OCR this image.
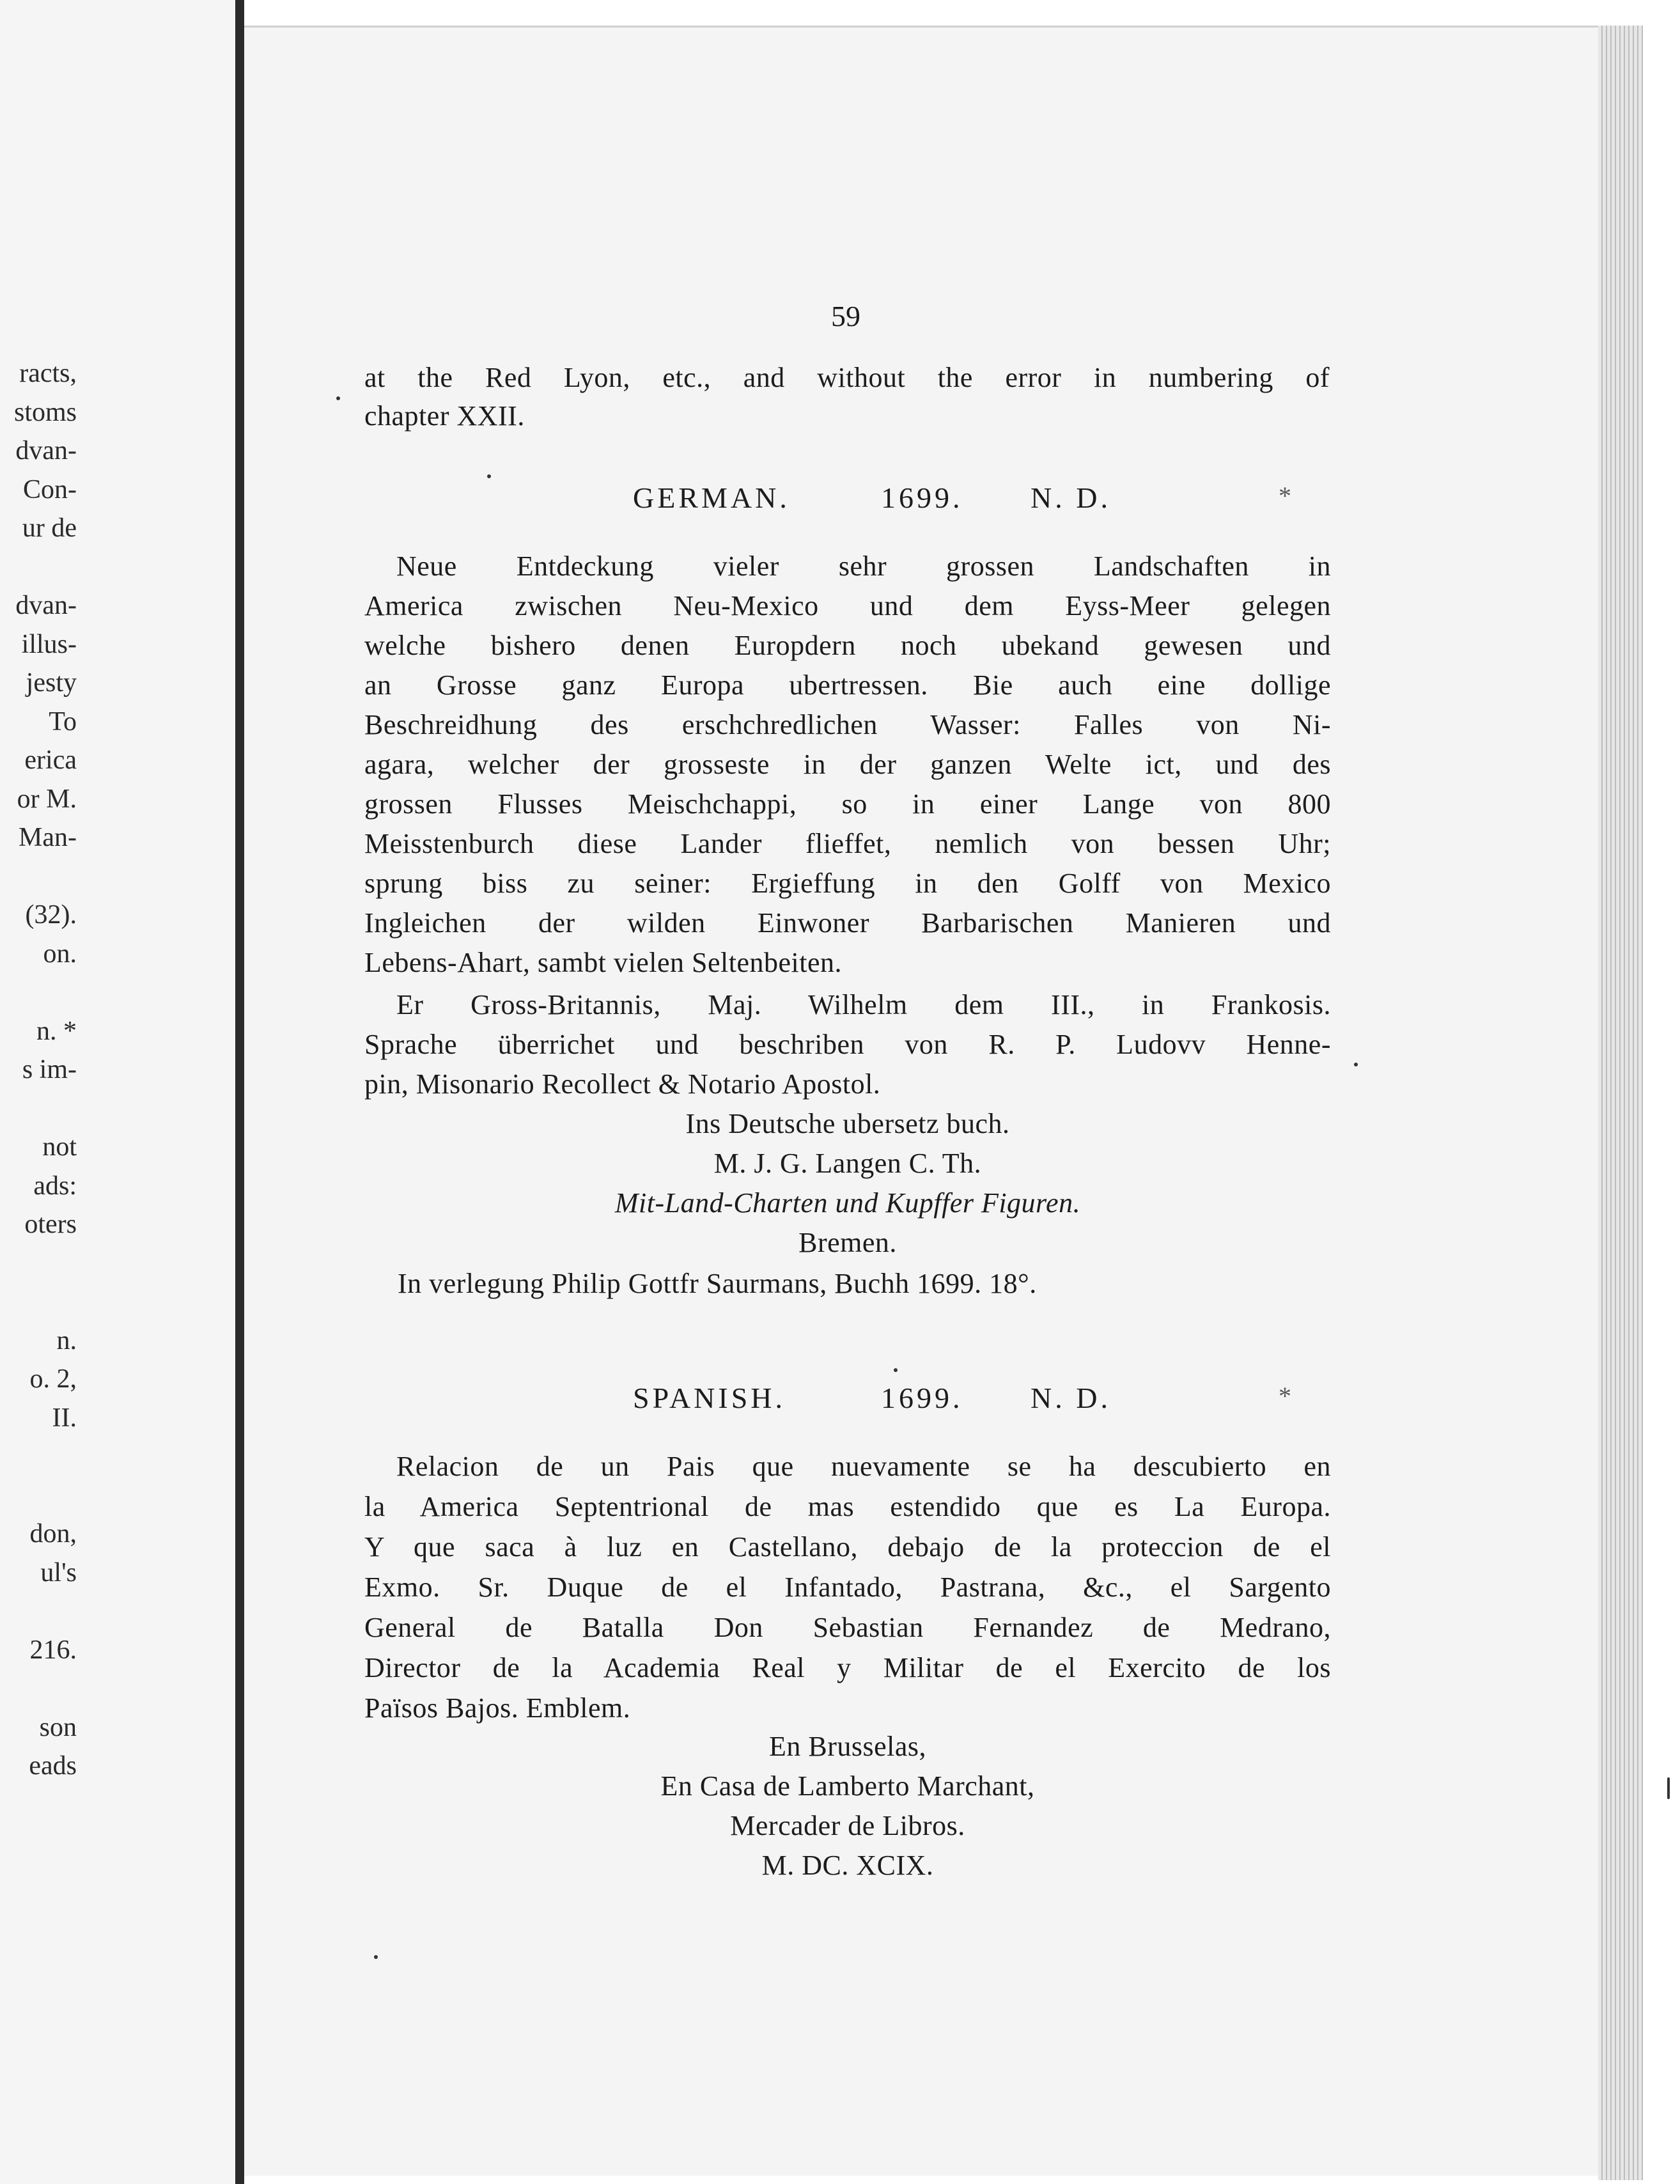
racts,
stoms
dvan-
Con-
ur de
dvan-
illus-
jesty
To
erica
or M.
Man-
(32).
on.
n. *
s im-
not
ads:
oters
n.
o. 2,
II.
don,
ul's
216.
son
eads
59
at the Red Lyon, etc., and without the error in numbering of
chapter XXII.
GERMAN.	1699. N. D.	*
Neue Entdeckung vieler sehr grossen Landschaften in
America zwischen Neu-Mexico und dem Eyss-Meer gelegen
welche bishero denen Europdern noch ubekand gewesen und
an Grosse ganz Europa ubertressen. Bie auch eine dollige
Beschreidhung des erschchredlichen Wasser: Falles von Ni-
agara, welcher der grosseste in der ganzen Welte ict, und des
grossen Flusses Meischchappi, so in einer Lange von 800
Meisstenburch diese Lander flieffet, nemlich von bessen Uhr;
sprung biss zu seiner: Ergieffung in den Golff von Mexico
Ingleichen der wilden Einwoner Barbarischen Manieren und
Lebens-Ahart, sambt vielen Seltenbeiten.
Er Gross-Britannis, Maj. Wilhelm dem III., in Frankosis.
Sprache überrichet und beschriben von R. P. Ludovv Henne-
pin, Misonario Recollect & Notario Apostol.
Ins Deutsche ubersetz buch.
M. J. G. Langen C. Th.
Mit-Land-Charten und Kupffer Figuren.
Bremen.
In verlegung Philip Gottfr Saurmans, Buchh 1699. 18°.
SPANISH.	1699. N. D.	*
Relacion de un Pais que nuevamente se ha descubierto en
la America Septentrional de mas estendido que es La Europa.
Y que saca à luz en Castellano, debajo de la proteccion de el
Exmo. Sr. Duque de el Infantado, Pastrana, &c., el Sargento
General de Batalla Don Sebastian Fernandez de Medrano,
Director de la Academia Real y Militar de el Exercito de los
Països Bajos. Emblem.
En Brusselas,
En Casa de Lamberto Marchant,
Mercader de Libros.
M. DC. XCIX.
